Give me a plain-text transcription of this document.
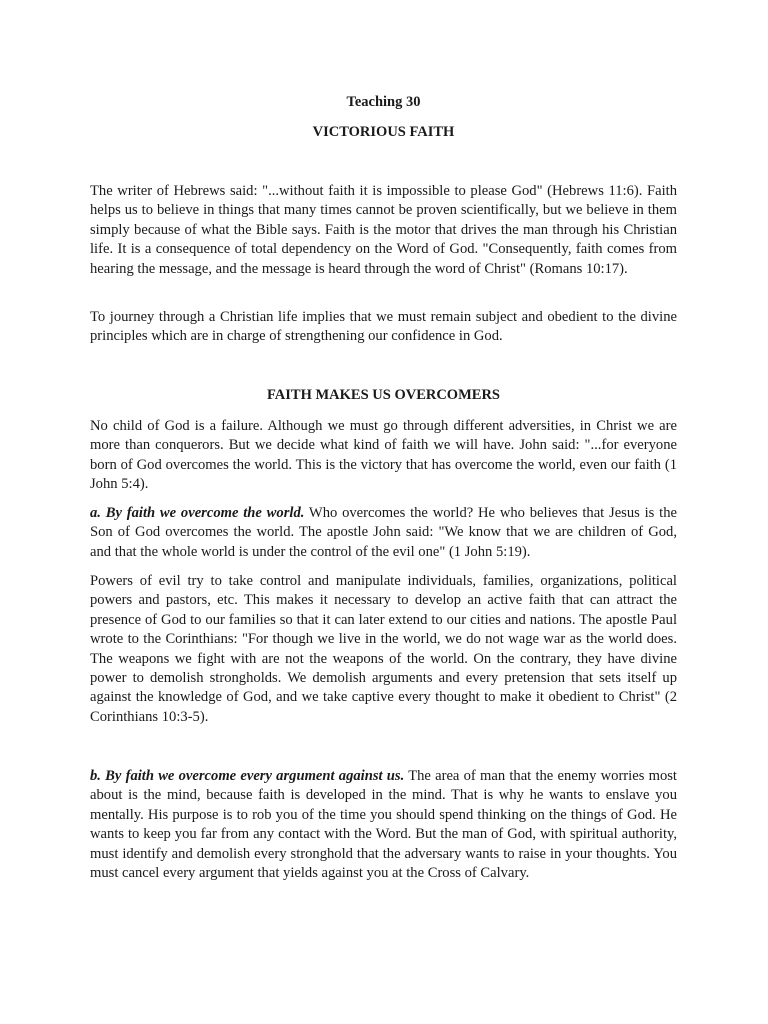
Teaching 30
VICTORIOUS FAITH

The writer of Hebrews said: "...without faith it is impossible to please God" (Hebrews 11:6). Faith helps us to believe in things that many times cannot be proven scientifically, but we believe in them simply because of what the Bible says. Faith is the motor that drives the man through his Christian life. It is a consequence of total dependency on the Word of God. "Consequently, faith comes from hearing the message, and the message is heard through the word of Christ" (Romans 10:17).

To journey through a Christian life implies that we must remain subject and obedient to the divine principles which are in charge of strengthening our confidence in God.

FAITH MAKES US OVERCOMERS

No child of God is a failure. Although we must go through different adversities, in Christ we are more than conquerors. But we decide what kind of faith we will have. John said: "...for everyone born of God overcomes the world. This is the victory that has overcome the world, even our faith (1 John 5:4).

a. By faith we overcome the world. Who overcomes the world? He who believes that Jesus is the Son of God overcomes the world. The apostle John said: "We know that we are children of God, and that the whole world is under the control of the evil one" (1 John 5:19).

Powers of evil try to take control and manipulate individuals, families, organizations, political powers and pastors, etc. This makes it necessary to develop an active faith that can attract the presence of God to our families so that it can later extend to our cities and nations. The apostle Paul wrote to the Corinthians: "For though we live in the world, we do not wage war as the world does. The weapons we fight with are not the weapons of the world. On the contrary, they have divine power to demolish strongholds. We demolish arguments and every pretension that sets itself up against the knowledge of God, and we take captive every thought to make it obedient to Christ" (2 Corinthians 10:3-5).

b. By faith we overcome every argument against us. The area of man that the enemy worries most about is the mind, because faith is developed in the mind. That is why he wants to enslave you mentally. His purpose is to rob you of the time you should spend thinking on the things of God. He wants to keep you far from any contact with the Word. But the man of God, with spiritual authority, must identify and demolish every stronghold that the adversary wants to raise in your thoughts. You must cancel every argument that yields against you at the Cross of Calvary.
